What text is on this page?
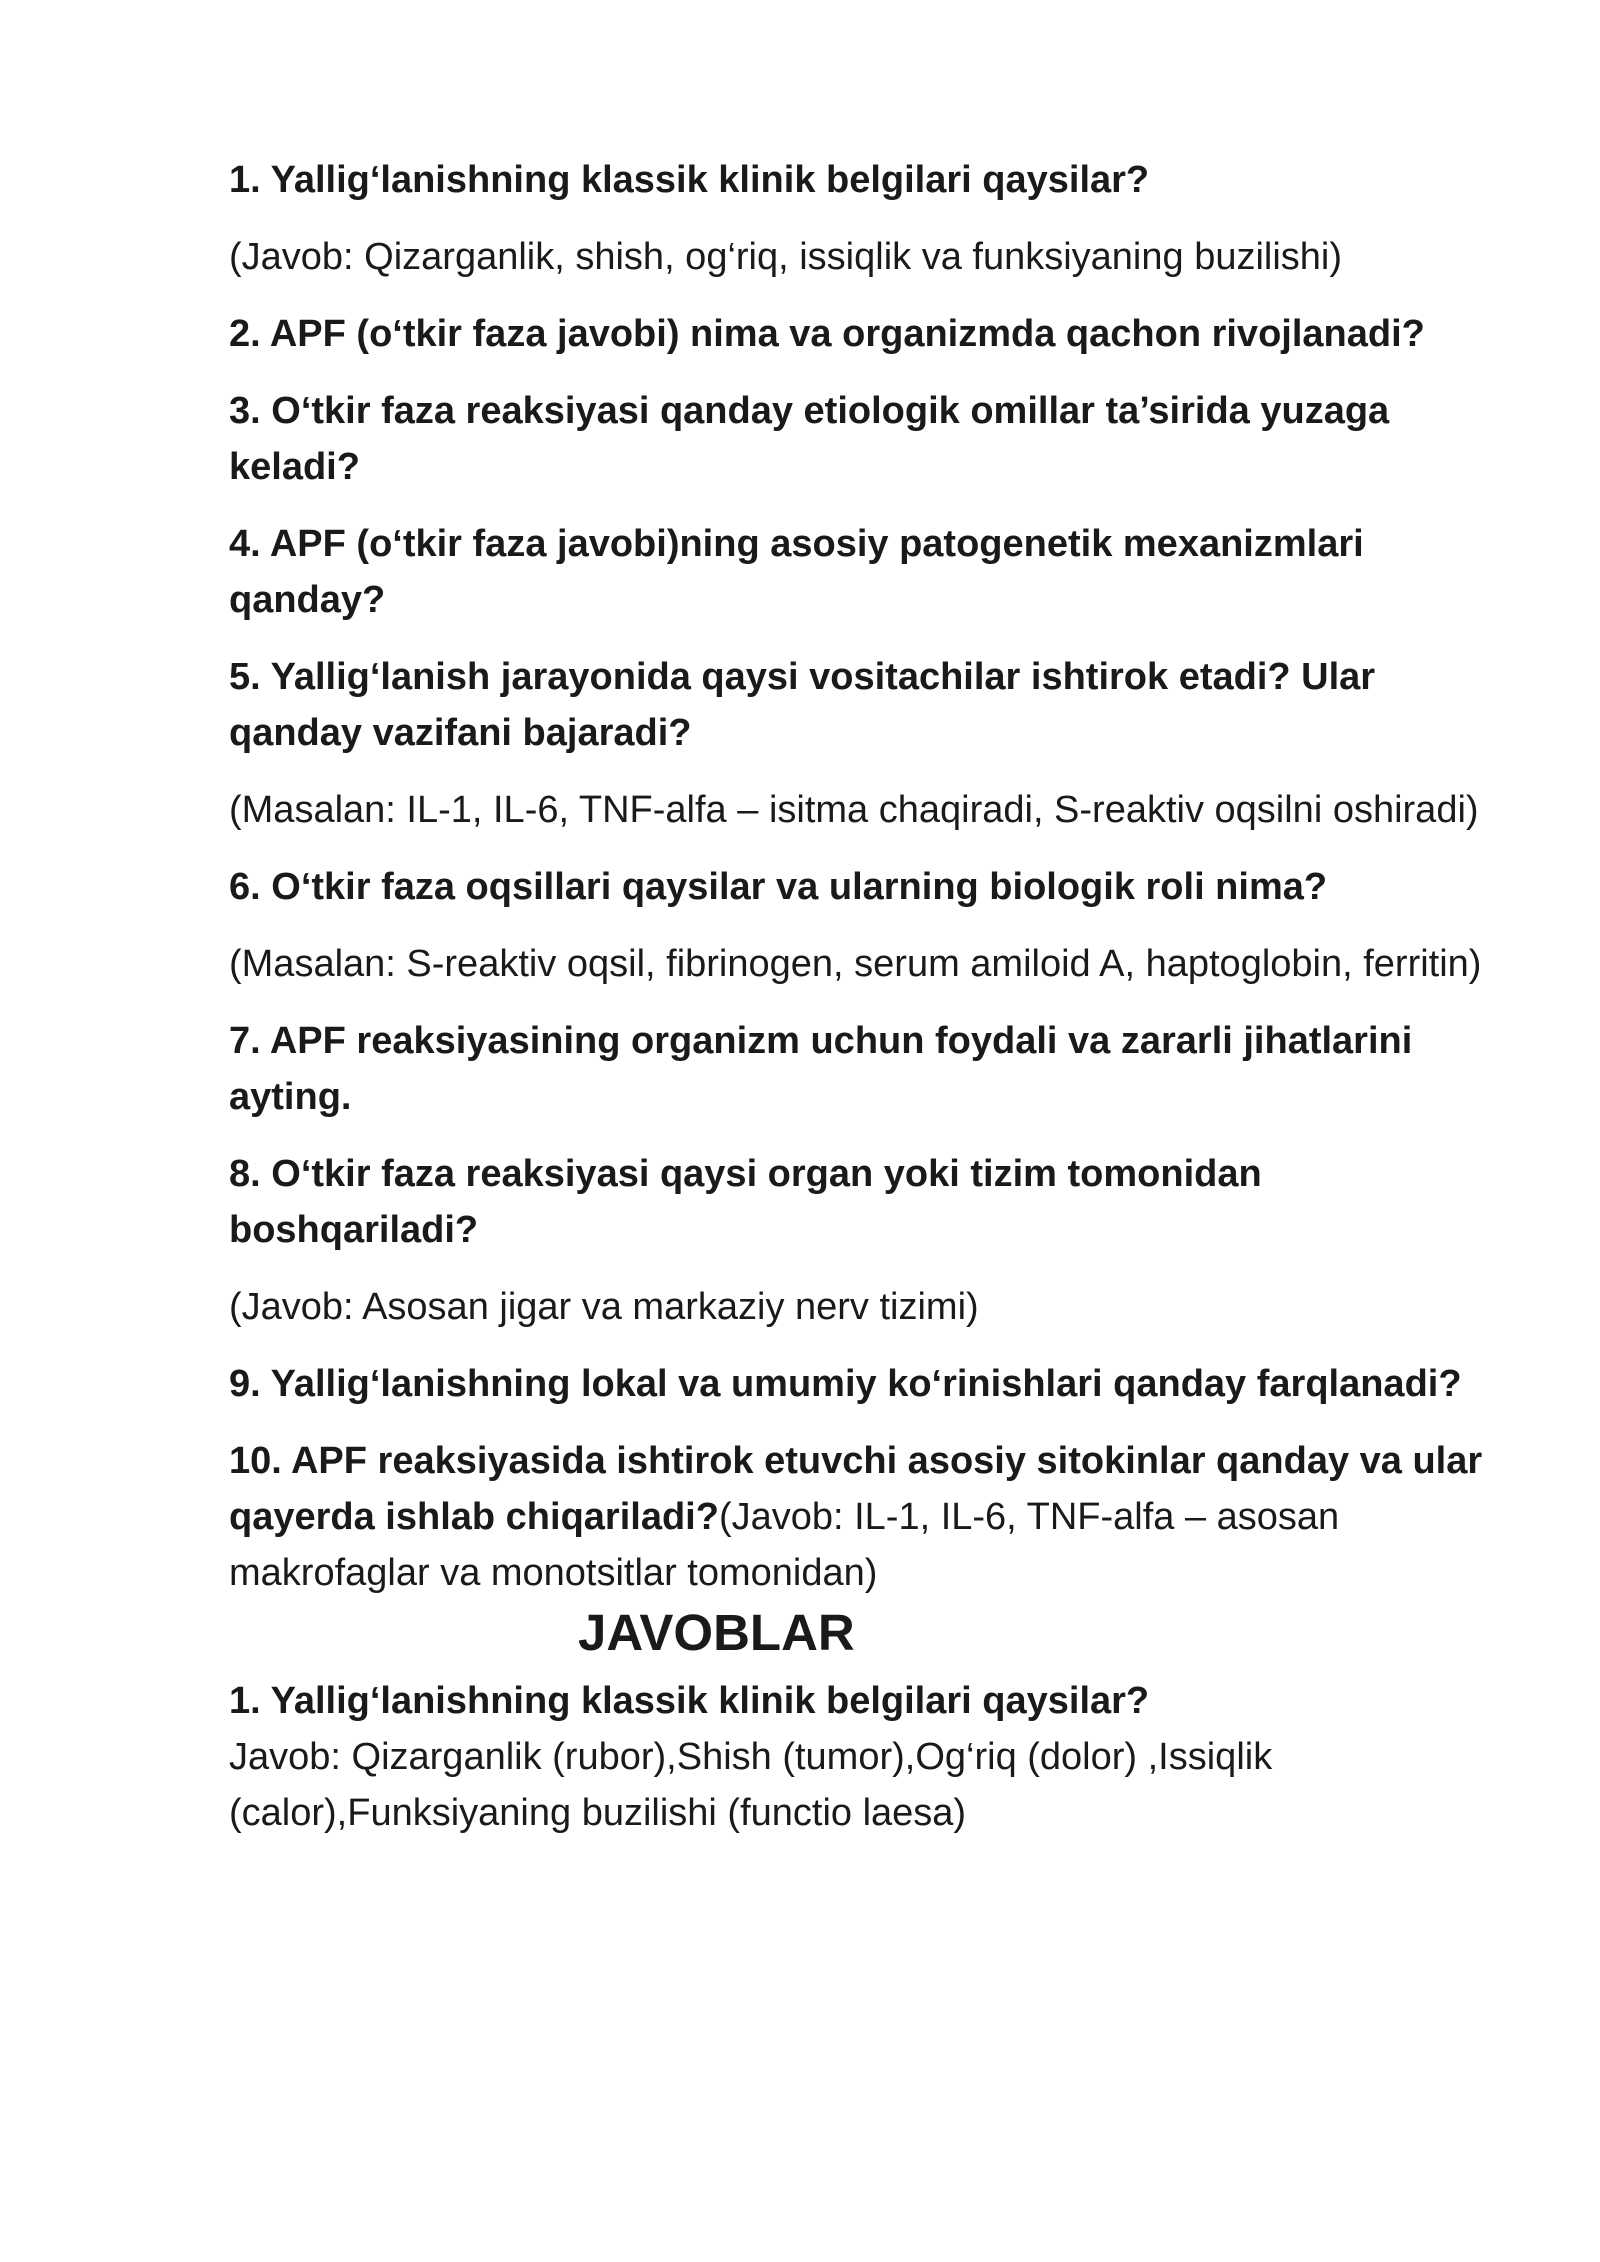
1. Yallig‘lanishning klassik klinik belgilari qaysilar?

(Javob: Qizarganlik, shish, og‘riq, issiqlik va funksiyaning buzilishi)

2. APF (o‘tkir faza javobi) nima va organizmda qachon rivojlanadi?

3. O‘tkir faza reaksiyasi qanday etiologik omillar ta’sirida yuzaga keladi?

4. APF (o‘tkir faza javobi)ning asosiy patogenetik mexanizmlari qanday?

5. Yallig‘lanish jarayonida qaysi vositachilar ishtirok etadi? Ular qanday vazifani bajaradi?

(Masalan: IL-1, IL-6, TNF-alfa – isitma chaqiradi, S-reaktiv oqsilni oshiradi)

6. O‘tkir faza oqsillari qaysilar va ularning biologik roli nima?

(Masalan: S-reaktiv oqsil, fibrinogen, serum amiloid A, haptoglobin, ferritin)

7. APF reaksiyasining organizm uchun foydali va zararli jihatlarini ayting.

8. O‘tkir faza reaksiyasi qaysi organ yoki tizim tomonidan boshqariladi?

(Javob: Asosan jigar va markaziy nerv tizimi)

9. Yallig‘lanishning lokal va umumiy ko‘rinishlari qanday farqlanadi?

10. APF reaksiyasida ishtirok etuvchi asosiy sitokinlar qanday va ular qayerda ishlab chiqariladi?(Javob: IL-1, IL-6, TNF-alfa – asosan makrofaglar va monotsitlar tomonidan)

JAVOBLAR

1. Yallig‘lanishning klassik klinik belgilari qaysilar?

Javob: Qizarganlik (rubor),Shish (tumor),Og‘riq (dolor) ,Issiqlik (calor),Funksiyaning buzilishi (functio laesa)
